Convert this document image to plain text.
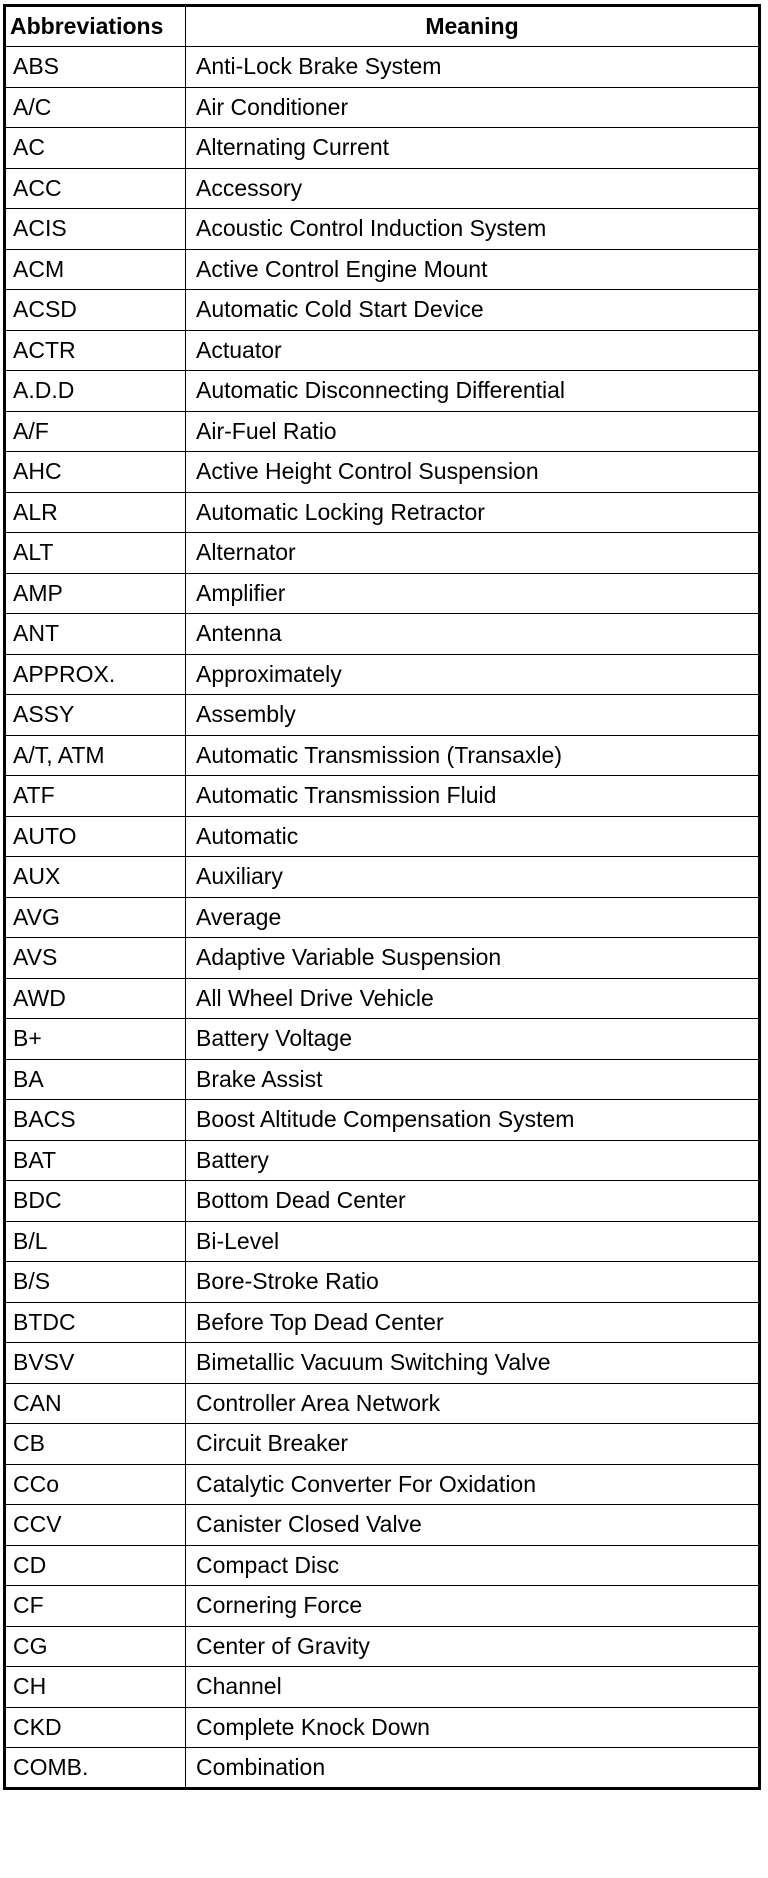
Abbreviations	Meaning
ABS	Anti-Lock Brake System
A/C	Air Conditioner
AC	Alternating Current
ACC	Accessory
ACIS	Acoustic Control Induction System
ACM	Active Control Engine Mount
ACSD	Automatic Cold Start Device
ACTR	Actuator
A.D.D	Automatic Disconnecting Differential
A/F	Air-Fuel Ratio
AHC	Active Height Control Suspension
ALR	Automatic Locking Retractor
ALT	Alternator
AMP	Amplifier
ANT	Antenna
APPROX.	Approximately
ASSY	Assembly
A/T, ATM	Automatic Transmission (Transaxle)
ATF	Automatic Transmission Fluid
AUTO	Automatic
AUX	Auxiliary
AVG	Average
AVS	Adaptive Variable Suspension
AWD	All Wheel Drive Vehicle
B+	Battery Voltage
BA	Brake Assist
BACS	Boost Altitude Compensation System
BAT	Battery
BDC	Bottom Dead Center
B/L	Bi-Level
B/S	Bore-Stroke Ratio
BTDC	Before Top Dead Center
BVSV	Bimetallic Vacuum Switching Valve
CAN	Controller Area Network
CB	Circuit Breaker
CCo	Catalytic Converter For Oxidation
CCV	Canister Closed Valve
CD	Compact Disc
CF	Cornering Force
CG	Center of Gravity
CH	Channel
CKD	Complete Knock Down
COMB.	Combination
